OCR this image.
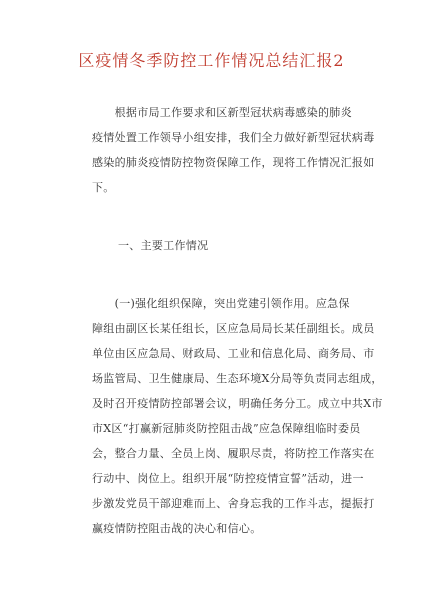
区疫情冬季防控工作情况总结汇报2
　　根据市局工作要求和区新型冠状病毒感染的肺炎
疫情处置工作领导小组安排，我们全力做好新型冠状病毒
感染的肺炎疫情防控物资保障工作，现将工作情况汇报如
下。
一、主要工作情况
　　(一)强化组织保障，突出党建引领作用。应急保
障组由副区长某任组长，区应急局局长某任副组长。成员
单位由区应急局、财政局、工业和信息化局、商务局、市
场监管局、卫生健康局、生态环境X分局等负责同志组成，
及时召开疫情防控部署会议，明确任务分工。成立中共X市
市X区“打赢新冠肺炎防控阻击战”应急保障组临时委员
会，整合力量、全员上岗、履职尽责，将防控工作落实在
行动中、岗位上。组织开展“防控疫情宣誓”活动，进一
步激发党员干部迎难而上、舍身忘我的工作斗志，提振打
赢疫情防控阻击战的决心和信心。
